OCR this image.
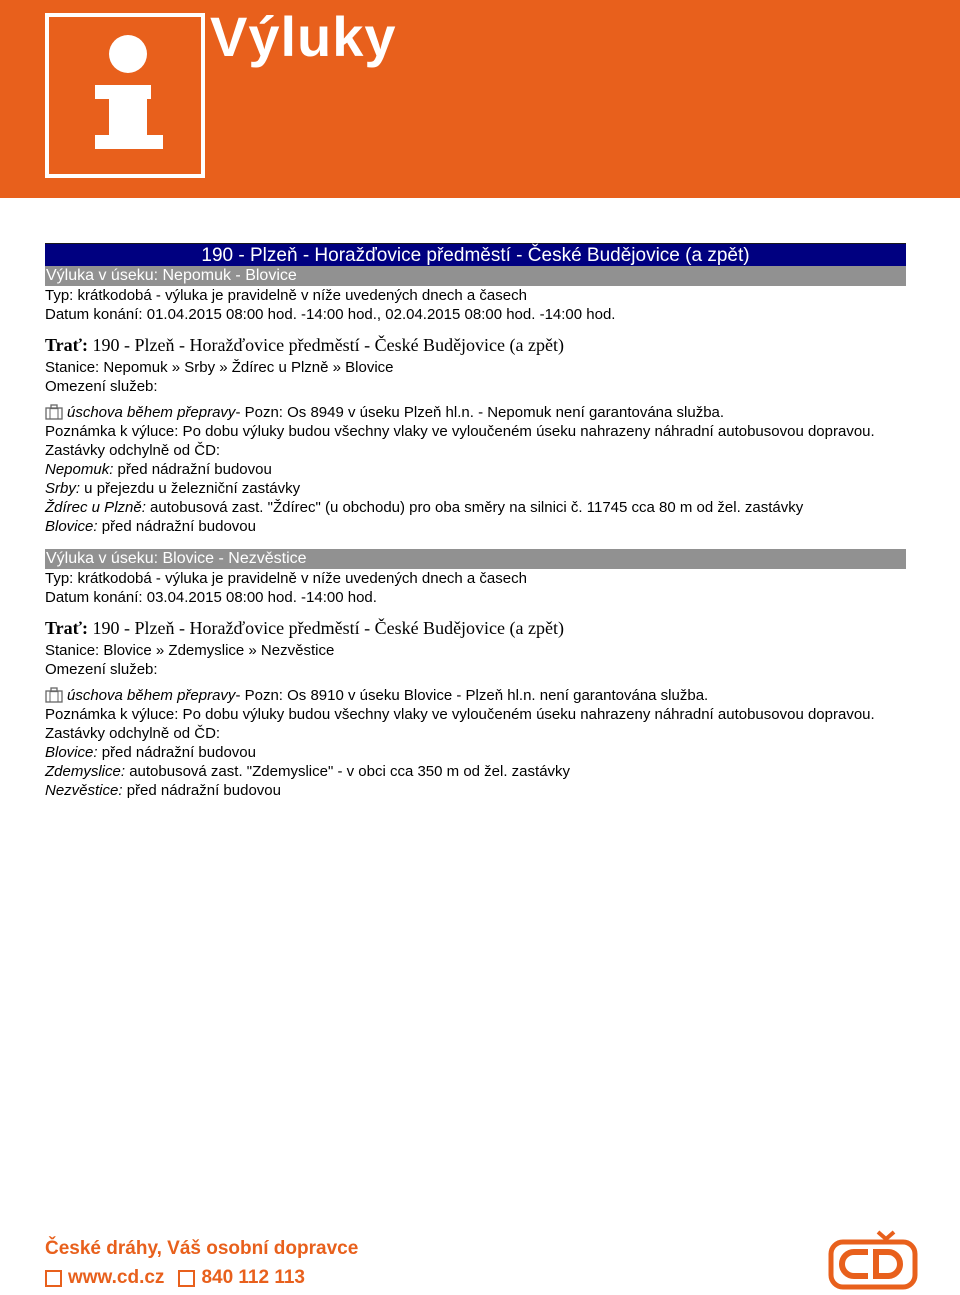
Výluky
190 - Plzeň - Horažďovice předměstí - České Budějovice (a zpět)
Výluka v úseku: Nepomuk - Blovice
Typ: krátkodobá - výluka je pravidelně v níže uvedených dnech a časech
Datum konání: 01.04.2015 08:00 hod. -14:00 hod., 02.04.2015 08:00 hod. -14:00 hod.
Trať: 190 - Plzeň - Horažďovice předměstí - České Budějovice (a zpět)
Stanice: Nepomuk » Srby » Ždírec u Plzně » Blovice
Omezení služeb:
úschova během přepravy - Pozn: Os 8949 v úseku Plzeň hl.n. - Nepomuk není garantována služba.
Poznámka k výluce: Po dobu výluky budou všechny vlaky ve vyloučeném úseku nahrazeny náhradní autobusovou dopravou.
Zastávky odchylně od ČD:
Nepomuk: před nádražní budovou
Srby: u přejezdu u železniční zastávky
Ždírec u Plzně: autobusová zast. "Ždírec" (u obchodu) pro oba směry na silnici č. 11745 cca 80 m od žel. zastávky
Blovice: před nádražní budovou
Výluka v úseku: Blovice - Nezvěstice
Typ: krátkodobá - výluka je pravidelně v níže uvedených dnech a časech
Datum konání: 03.04.2015 08:00 hod. -14:00 hod.
Trať: 190 - Plzeň - Horažďovice předměstí - České Budějovice (a zpět)
Stanice: Blovice » Zdemyslice » Nezvěstice
Omezení služeb:
úschova během přepravy - Pozn: Os 8910 v úseku Blovice - Plzeň hl.n. není garantována služba.
Poznámka k výluce: Po dobu výluky budou všechny vlaky ve vyloučeném úseku nahrazeny náhradní autobusovou dopravou.
Zastávky odchylně od ČD:
Blovice: před nádražní budovou
Zdemyslice: autobusová zast. "Zdemyslice" - v obci cca 350 m od žel. zastávky
Nezvěstice: před nádražní budovou
České dráhy, Váš osobní dopravce
www.cd.cz 840 112 113
